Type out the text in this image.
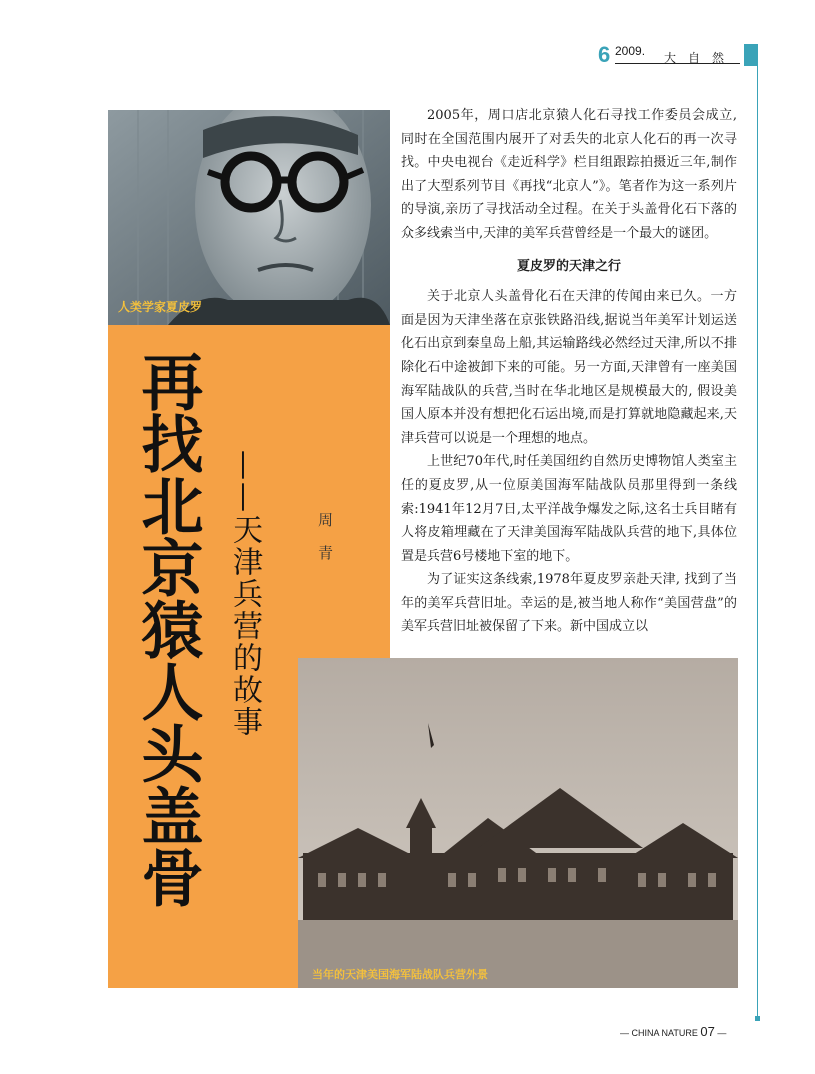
6 2009. 大自然
人类学家夏皮罗
再找北京猿人头盖骨 ——天津兵营的故事	周青

2005年，周口店北京猿人化石寻找工作委员会成立,同时在全国范围内展开了对丢失的北京人化石的再一次寻找。中央电视台《走近科学》栏目组跟踪拍摄近三年,制作出了大型系列节目《再找“北京人”》。笔者作为这一系列片的导演,亲历了寻找活动全过程。在关于头盖骨化石下落的众多线索当中,天津的美军兵营曾经是一个最大的谜团。

夏皮罗的天津之行

关于北京人头盖骨化石在天津的传闻由来已久。一方面是因为天津坐落在京张铁路沿线,据说当年美军计划运送化石出京到秦皇岛上船,其运输路线必然经过天津,所以不排除化石中途被卸下来的可能。另一方面,天津曾有一座美国海军陆战队的兵营,当时在华北地区是规模最大的, 假设美国人原本并没有想把化石运出境,而是打算就地隐藏起来,天津兵营可以说是一个理想的地点。

上世纪70年代,时任美国纽约自然历史博物馆人类室主任的夏皮罗,从一位原美国海军陆战队员那里得到一条线索:1941年12月7日,太平洋战争爆发之际,这名士兵目睹有人将皮箱埋藏在了天津美国海军陆战队兵营的地下,具体位置是兵营6号楼地下室的地下。

为了证实这条线索,1978年夏皮罗亲赴天津, 找到了当年的美军兵营旧址。幸运的是,被当地人称作“美国营盘”的美军兵营旧址被保留了下来。新中国成立以

当年的天津美国海军陆战队兵营外景
— CHINA NATURE 07 —
